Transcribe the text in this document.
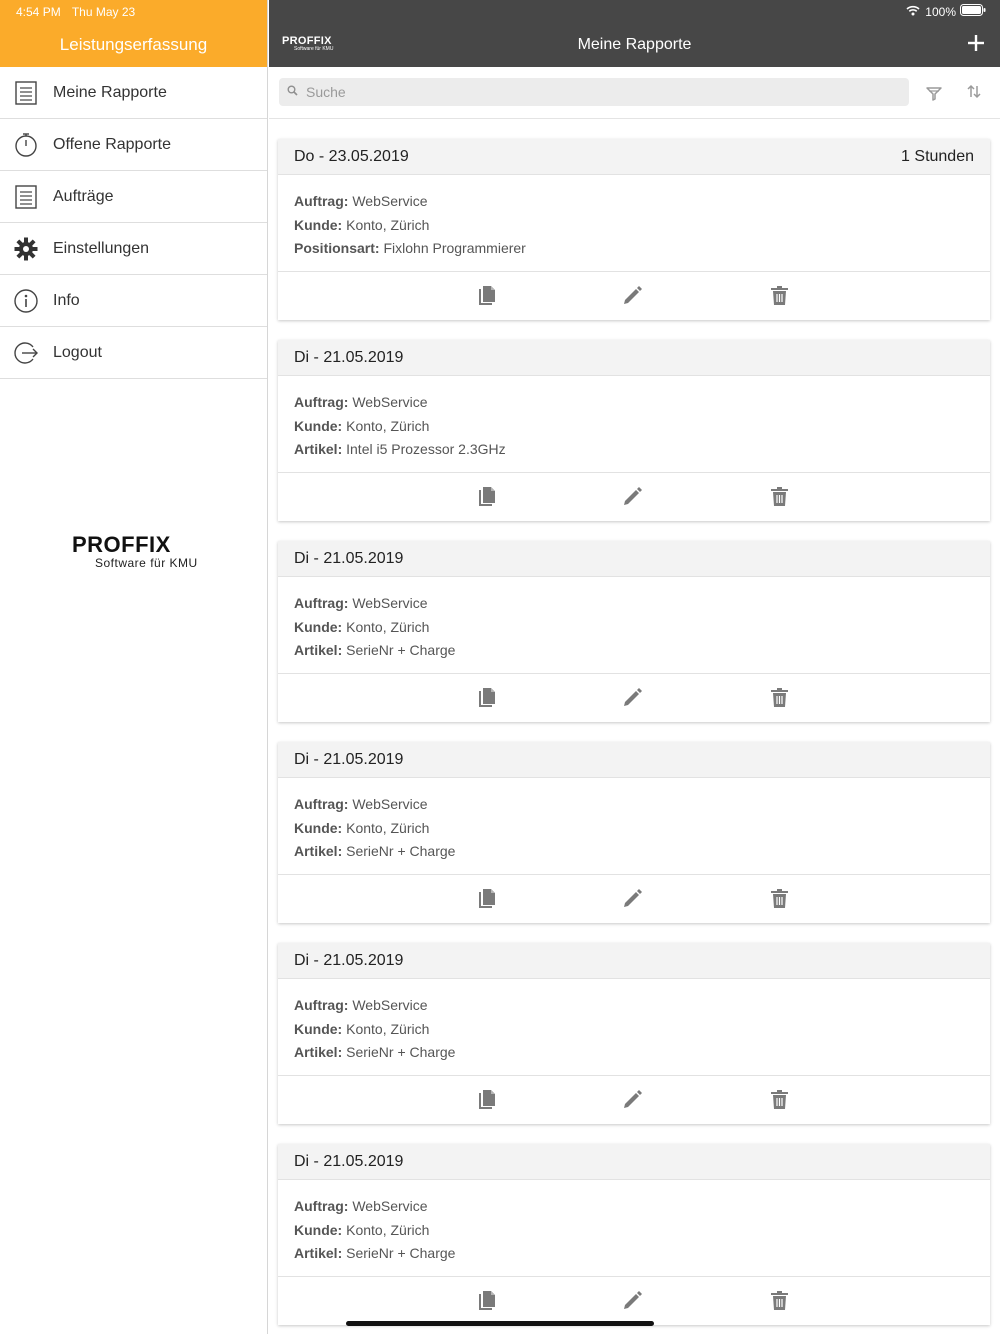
4:54 PM Thu May 23
Leistungserfassung
Meine Rapporte
Offene Rapporte
Aufträge
Einstellungen
Info
Logout
PROFFIX
Software für KMU
100%
PROFFIX
Software für KMU	Meine Rapporte
Suche
Do - 23.05.2019	1 Stunden
Auftrag: WebService
Kunde: Konto, Zürich
Positionsart: Fixlohn Programmierer
Di - 21.05.2019
Auftrag: WebService
Kunde: Konto, Zürich
Artikel: Intel i5 Prozessor 2.3GHz
Di - 21.05.2019
Auftrag: WebService
Kunde: Konto, Zürich
Artikel: SerieNr + Charge
Di - 21.05.2019
Auftrag: WebService
Kunde: Konto, Zürich
Artikel: SerieNr + Charge
Di - 21.05.2019
Auftrag: WebService
Kunde: Konto, Zürich
Artikel: SerieNr + Charge
Di - 21.05.2019
Auftrag: WebService
Kunde: Konto, Zürich
Artikel: SerieNr + Charge
